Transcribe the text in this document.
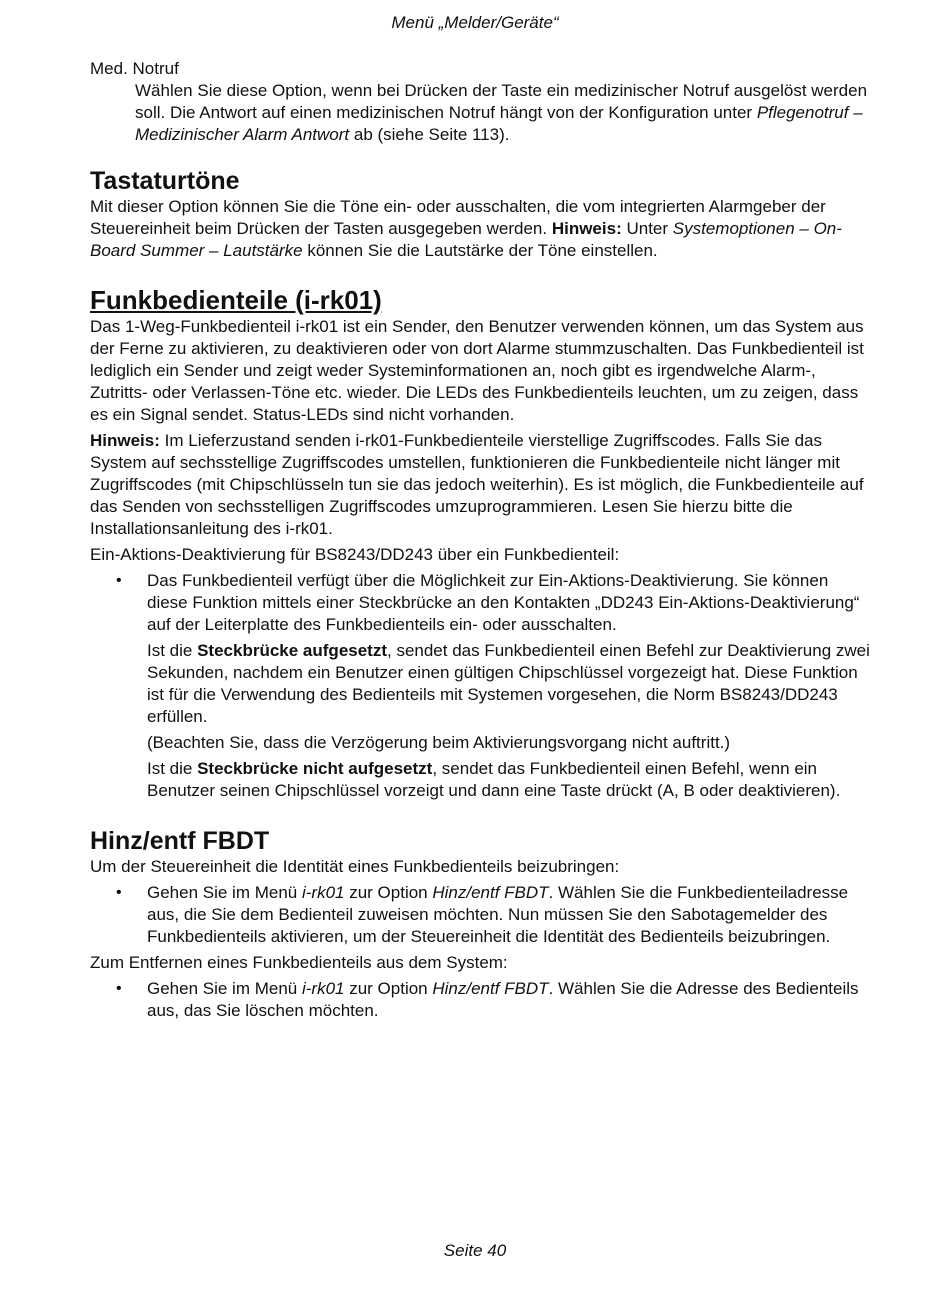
Menü „Melder/Geräte“

Med. Notruf

Wählen Sie diese Option, wenn bei Drücken der Taste ein medizinischer Notruf ausgelöst werden soll. Die Antwort auf einen medizinischen Notruf hängt von der Konfiguration unter Pflegenotruf – Medizinischer Alarm Antwort ab (siehe Seite 113).

Tastaturtöne

Mit dieser Option können Sie die Töne ein- oder ausschalten, die vom integrierten Alarmgeber der Steuereinheit beim Drücken der Tasten ausgegeben werden. Hinweis: Unter Systemoptionen – On-Board Summer – Lautstärke können Sie die Lautstärke der Töne einstellen.

Funkbedienteile (i-rk01)

Das 1-Weg-Funkbedienteil i-rk01 ist ein Sender, den Benutzer verwenden können, um das System aus der Ferne zu aktivieren, zu deaktivieren oder von dort Alarme stummzuschalten. Das Funkbedienteil ist lediglich ein Sender und zeigt weder Systeminformationen an, noch gibt es irgendwelche Alarm-, Zutritts- oder Verlassen-Töne etc. wieder. Die LEDs des Funkbedienteils leuchten, um zu zeigen, dass es ein Signal sendet. Status-LEDs sind nicht vorhanden.

Hinweis: Im Lieferzustand senden i-rk01-Funkbedienteile vierstellige Zugriffscodes. Falls Sie das System auf sechsstellige Zugriffscodes umstellen, funktionieren die Funkbedienteile nicht länger mit Zugriffscodes (mit Chipschlüsseln tun sie das jedoch weiterhin). Es ist möglich, die Funkbedienteile auf das Senden von sechsstelligen Zugriffscodes umzuprogrammieren. Lesen Sie hierzu bitte die Installationsanleitung des i-rk01.

Ein-Aktions-Deaktivierung für BS8243/DD243 über ein Funkbedienteil:

• Das Funkbedienteil verfügt über die Möglichkeit zur Ein-Aktions-Deaktivierung. Sie können diese Funktion mittels einer Steckbrücke an den Kontakten „DD243 Ein-Aktions-Deaktivierung“ auf der Leiterplatte des Funkbedienteils ein- oder ausschalten.

Ist die Steckbrücke aufgesetzt, sendet das Funkbedienteil einen Befehl zur Deaktivierung zwei Sekunden, nachdem ein Benutzer einen gültigen Chipschlüssel vorgezeigt hat. Diese Funktion ist für die Verwendung des Bedienteils mit Systemen vorgesehen, die Norm BS8243/DD243 erfüllen.

(Beachten Sie, dass die Verzögerung beim Aktivierungsvorgang nicht auftritt.)

Ist die Steckbrücke nicht aufgesetzt, sendet das Funkbedienteil einen Befehl, wenn ein Benutzer seinen Chipschlüssel vorzeigt und dann eine Taste drückt (A, B oder deaktivieren).

Hinz/entf FBDT

Um der Steuereinheit die Identität eines Funkbedienteils beizubringen:

• Gehen Sie im Menü i-rk01 zur Option Hinz/entf FBDT. Wählen Sie die Funkbedienteiladresse aus, die Sie dem Bedienteil zuweisen möchten. Nun müssen Sie den Sabotagemelder des Funkbedienteils aktivieren, um der Steuereinheit die Identität des Bedienteils beizubringen.

Zum Entfernen eines Funkbedienteils aus dem System:

• Gehen Sie im Menü i-rk01 zur Option Hinz/entf FBDT. Wählen Sie die Adresse des Bedienteils aus, das Sie löschen möchten.
Seite 40
